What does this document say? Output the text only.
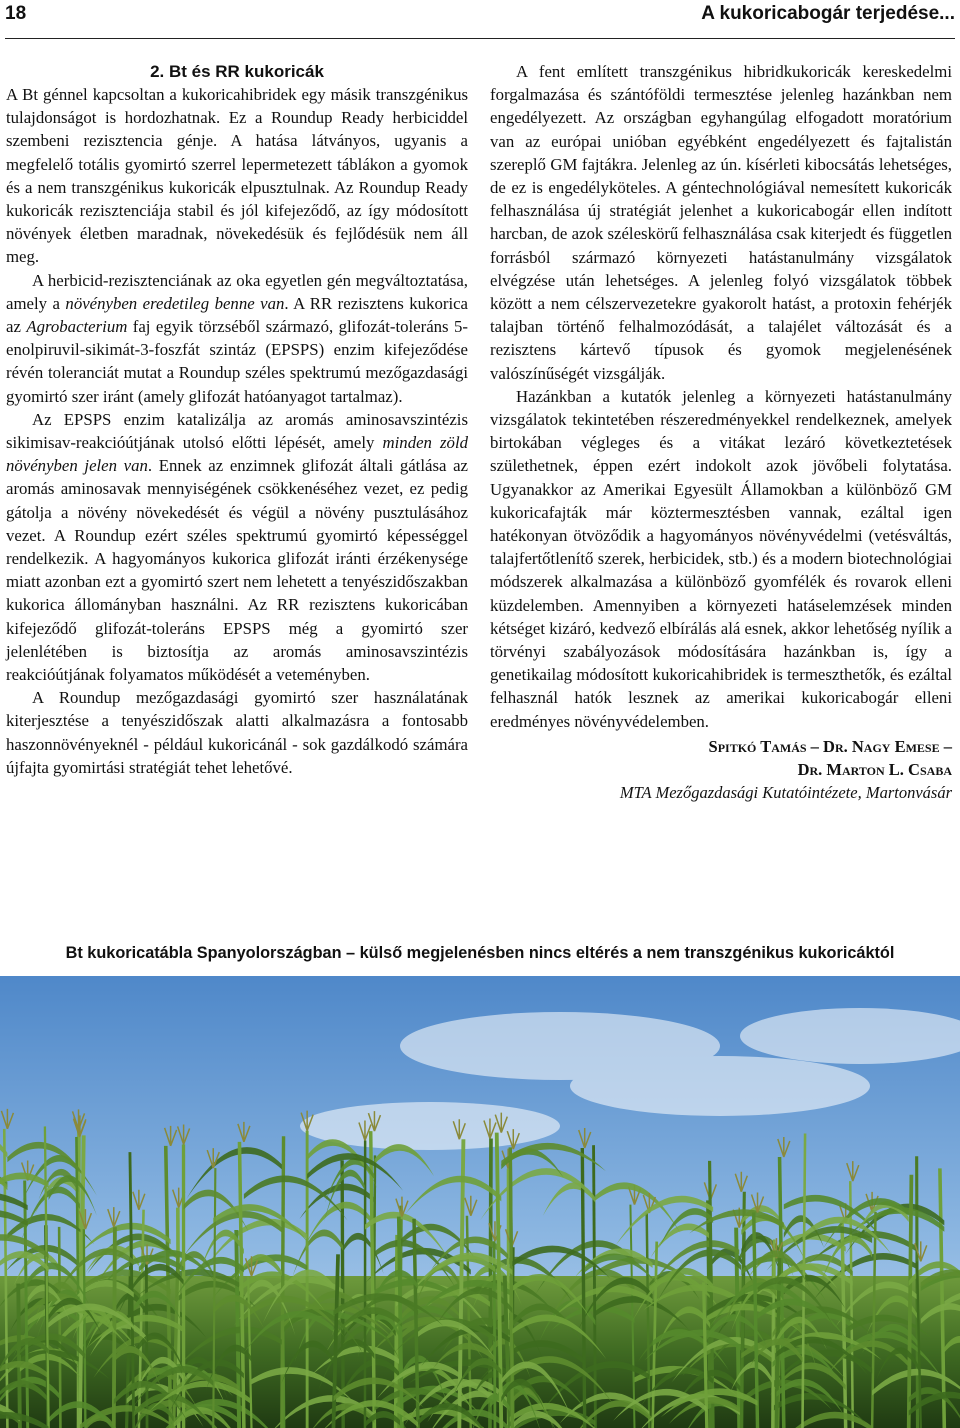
18	A kukoricabogár terjedése...
2. Bt és RR kukoricák

A Bt génnel kapcsoltan a kukoricahibridek egy másik transzgénikus tulajdonságot is hordozhatnak. Ez a Roundup Ready herbiciddel szembeni rezisztencia génje. A hatása látványos, ugyanis a megfelelő totális gyomirtó szerrel lepermetezett táblákon a gyomok és a nem transzgénikus kukoricák elpusztulnak. Az Roundup Ready kukoricák rezisztenciája stabil és jól kifejeződő, az így módosított növények életben maradnak, növekedésük és fejlődésük nem áll meg.

A herbicid-rezisztenciának az oka egyetlen gén megváltoztatása, amely a növényben eredetileg benne van. A RR rezisztens kukorica az Agrobacterium faj egyik törzséből származó, glifozát-toleráns 5-enolpiruvil-sikimát-3-foszfát szintáz (EPSPS) enzim kifejeződése révén toleranciát mutat a Roundup széles spektrumú mezőgazdasági gyomirtó szer iránt (amely glifozát hatóanyagot tartalmaz).

Az EPSPS enzim katalizálja az aromás aminosavszintézis sikimisav-reakcióútjának utolsó előtti lépését, amely minden zöld növényben jelen van. Ennek az enzimnek glifozát általi gátlása az aromás aminosavak mennyiségének csökkenéséhez vezet, ez pedig gátolja a növény növekedését és végül a növény pusztulásához vezet. A Roundup ezért széles spektrumú gyomirtó képességgel rendelkezik. A hagyományos kukorica glifozát iránti érzékenysége miatt azonban ezt a gyomirtó szert nem lehetett a tenyészidőszakban kukorica állományban használni. Az RR rezisztens kukoricában kifejeződő glifozát-toleráns EPSPS még a gyomirtó szer jelenlétében is biztosítja az aromás aminosavszintézis reakcióútjának folyamatos működését a veteményben.

A Roundup mezőgazdasági gyomirtó szer használatának kiterjesztése a tenyészidőszak alatti alkalmazásra a fontosabb haszonnövényeknél - például kukoricánál - sok gazdálkodó számára újfajta gyomirtási stratégiát tehet lehetővé.

A fent említett transzgénikus hibridkukoricák kereskedelmi forgalmazása és szántóföldi termesztése jelenleg hazánkban nem engedélyezett. Az országban egyhangúlag elfogadott moratórium van az európai unióban egyébként engedélyezett és fajtalistán szereplő GM fajtákra. Jelenleg az ún. kísérleti kibocsátás lehetséges, de ez is engedélyköteles. A géntechnológiával nemesített kukoricák felhasználása új stratégiát jelenhet a kukoricabogár ellen indított harcban, de azok széleskörű felhasználása csak kiterjedt és független forrásból származó környezeti hatástanulmány vizsgálatok elvégzése után lehetséges. A jelenleg folyó vizsgálatok többek között a nem célszervezetekre gyakorolt hatást, a protoxin fehérjék talajban történő felhalmozódását, a talajélet változását és a rezisztens kártevő típusok és gyomok megjelenésének valószínűségét vizsgálják.

Hazánkban a kutatók jelenleg a környezeti hatástanulmány vizsgálatok tekintetében részeredményekkel rendelkeznek, amelyek birtokában végleges és a vitákat lezáró következtetések születhetnek, éppen ezért indokolt azok jövőbeli folytatása. Ugyanakkor az Amerikai Egyesült Államokban a különböző GM kukoricafajták már köztermesztésben vannak, ezáltal igen hatékonyan ötvöződik a hagyományos növényvédelmi (vetésváltás, talajfertőtlenítő szerek, herbicidek, stb.) és a modern biotechnológiai módszerek alkalmazása a különböző gyomfélék és rovarok elleni küzdelemben. Amennyiben a környezeti hatáselemzések minden kétséget kizáró, kedvező elbírálás alá esnek, akkor lehetőség nyílik a törvényi szabályozások módosítására hazánkban is, így a genetikailag módosított kukoricahibridek is termeszthetők, és ezáltal felhasznál hatók lesznek az amerikai kukoricabogár elleni eredményes növényvédelemben.

Spitkó Tamás – Dr. Nagy Emese –
Dr. Marton L. Csaba
MTA Mezőgazdasági Kutatóintézete, Martonvásár
Bt kukoricatábla Spanyolországban – külső megjelenésben nincs eltérés a nem transzgénikus kukoricáktól
